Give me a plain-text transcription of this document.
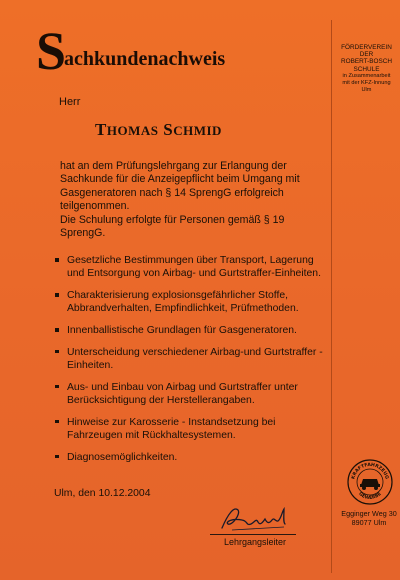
Sachkundenachweis
Herr
THOMAS SCHMID

hat an dem Prüfungslehrgang zur Erlangung der

Sachkunde für die Anzeigepflicht beim Umgang mit

Gasgeneratoren nach § 14 SprengG erfolgreich

teilgenommen.

Die Schulung erfolgte für Personen gemäß § 19 SprengG.

Gesetzliche Bestimmungen über Transport, Lagerung
und Entsorgung von Airbag- und Gurtstraffer-Einheiten.
Charakterisierung explosionsgefährlicher Stoffe,
Abbrandverhalten, Empfindlichkeit, Prüfmethoden.
Innenballistische Grundlagen für Gasgeneratoren.
Unterscheidung verschiedener Airbag-und Gurtstraffer -
Einheiten.
Aus- und Einbau von Airbag und Gurtstraffer unter
Berücksichtigung der Herstellerangaben.
Hinweise zur Karosserie - Instandsetzung bei
Fahrzeugen mit Rückhaltesystemen.
Diagnosemöglichkeiten.
Ulm, den 10.12.2004
Lehrgangsleiter
FÖRDERVEREIN
DER
ROBERT-BOSCH
SCHULE
in Zusammenarbeit
mit der KFZ-Innung
Ulm
KRAFTFAHRZEUG
GEWERBE
Egginger Weg 30
89077 Ulm
